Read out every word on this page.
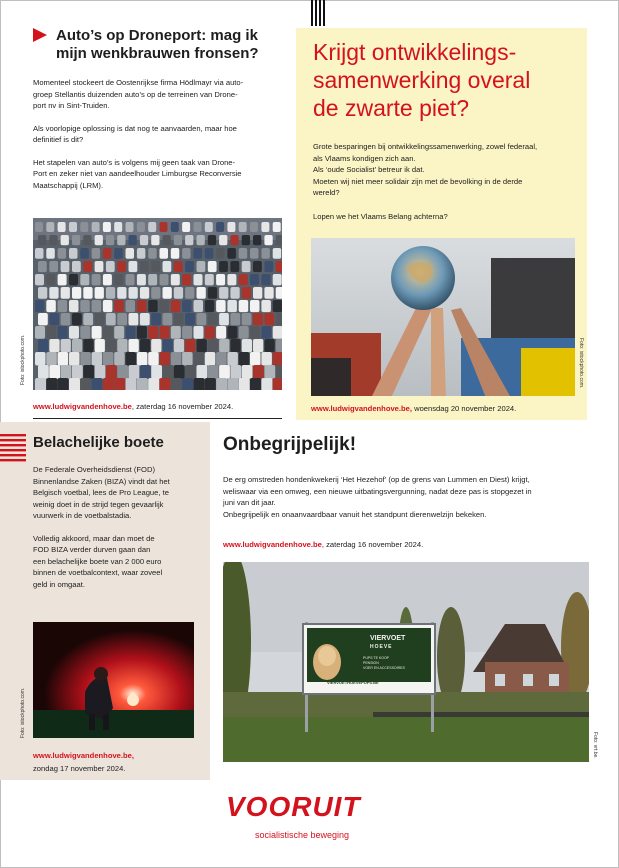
Auto’s op Droneport: mag ik
mijn wenkbrauwen fronsen?

Momenteel stockeert de Oostenrijkse firma Hödlmayr via auto-
groep Stellantis duizenden auto’s op de terreinen van Drone-
port nv in Sint-Truiden.

Als voorlopige oplossing is dat nog te aanvaarden, maar hoe
definitief is dit?

Het stapelen van auto’s is volgens mij geen taak van Drone-
Port en zeker niet van aandeelhouder Limburgse Reconversie
Maatschappij (LRM).

Foto: istockphoto.com.
www.ludwigvandenhove.be, zaterdag 16 november 2024.
Krijgt ontwikkelings-
samenwerking overal
de zwarte piet?

Grote besparingen bij ontwikkelingssamenwerking, zowel federaal,
als Vlaams kondigen zich aan.
Als ‘oude Socialist’ betreur ik dat.
Moeten wij niet meer solidair zijn met de bevolking in de derde
wereld?

Lopen we het Vlaams Belang achterna?

Foto: istockphoto.com.
www.ludwigvandenhove.be, woensdag 20 november 2024.
Belachelijke boete

De Federale Overheidsdienst (FOD)
Binnenlandse Zaken (BIZA) vindt dat het
Belgisch voetbal, lees de Pro League, te
weinig doet in de strijd tegen gevaarlijk
vuurwerk in de voetbalstadia.

Volledig akkoord, maar dan moet de
FOD BIZA verder durven gaan dan
een belachelijke boete van 2 000 euro
binnen de voetbalcontext, waar zoveel
geld in omgaat.

Foto: istockphoto.com.
www.ludwigvandenhove.be,
zondag 17 november 2024.
Onbegrijpelijk!
De erg omstreden hondenkwekerij ‘Het Hezehof’ (op de grens van Lummen en Diest) krijgt,
weliswaar via een omweg, een nieuwe uitbatingsvergunning, nadat deze pas is stopgezet in
juni van dit jaar.
Onbegrijpelijk en onaanvaardbaar vanuit het standpunt dierenwelzijn bekeken.
www.ludwigvandenhove.be, zaterdag 16 november 2024.
VIERVOET
HOEVE
PUPS TE KOOP
PENSION
VOER EN ACCESSOIRES
VIERVOETHOEVEPUPS.BE
Foto: vrt.be.
VOORUIT
socialistische beweging
